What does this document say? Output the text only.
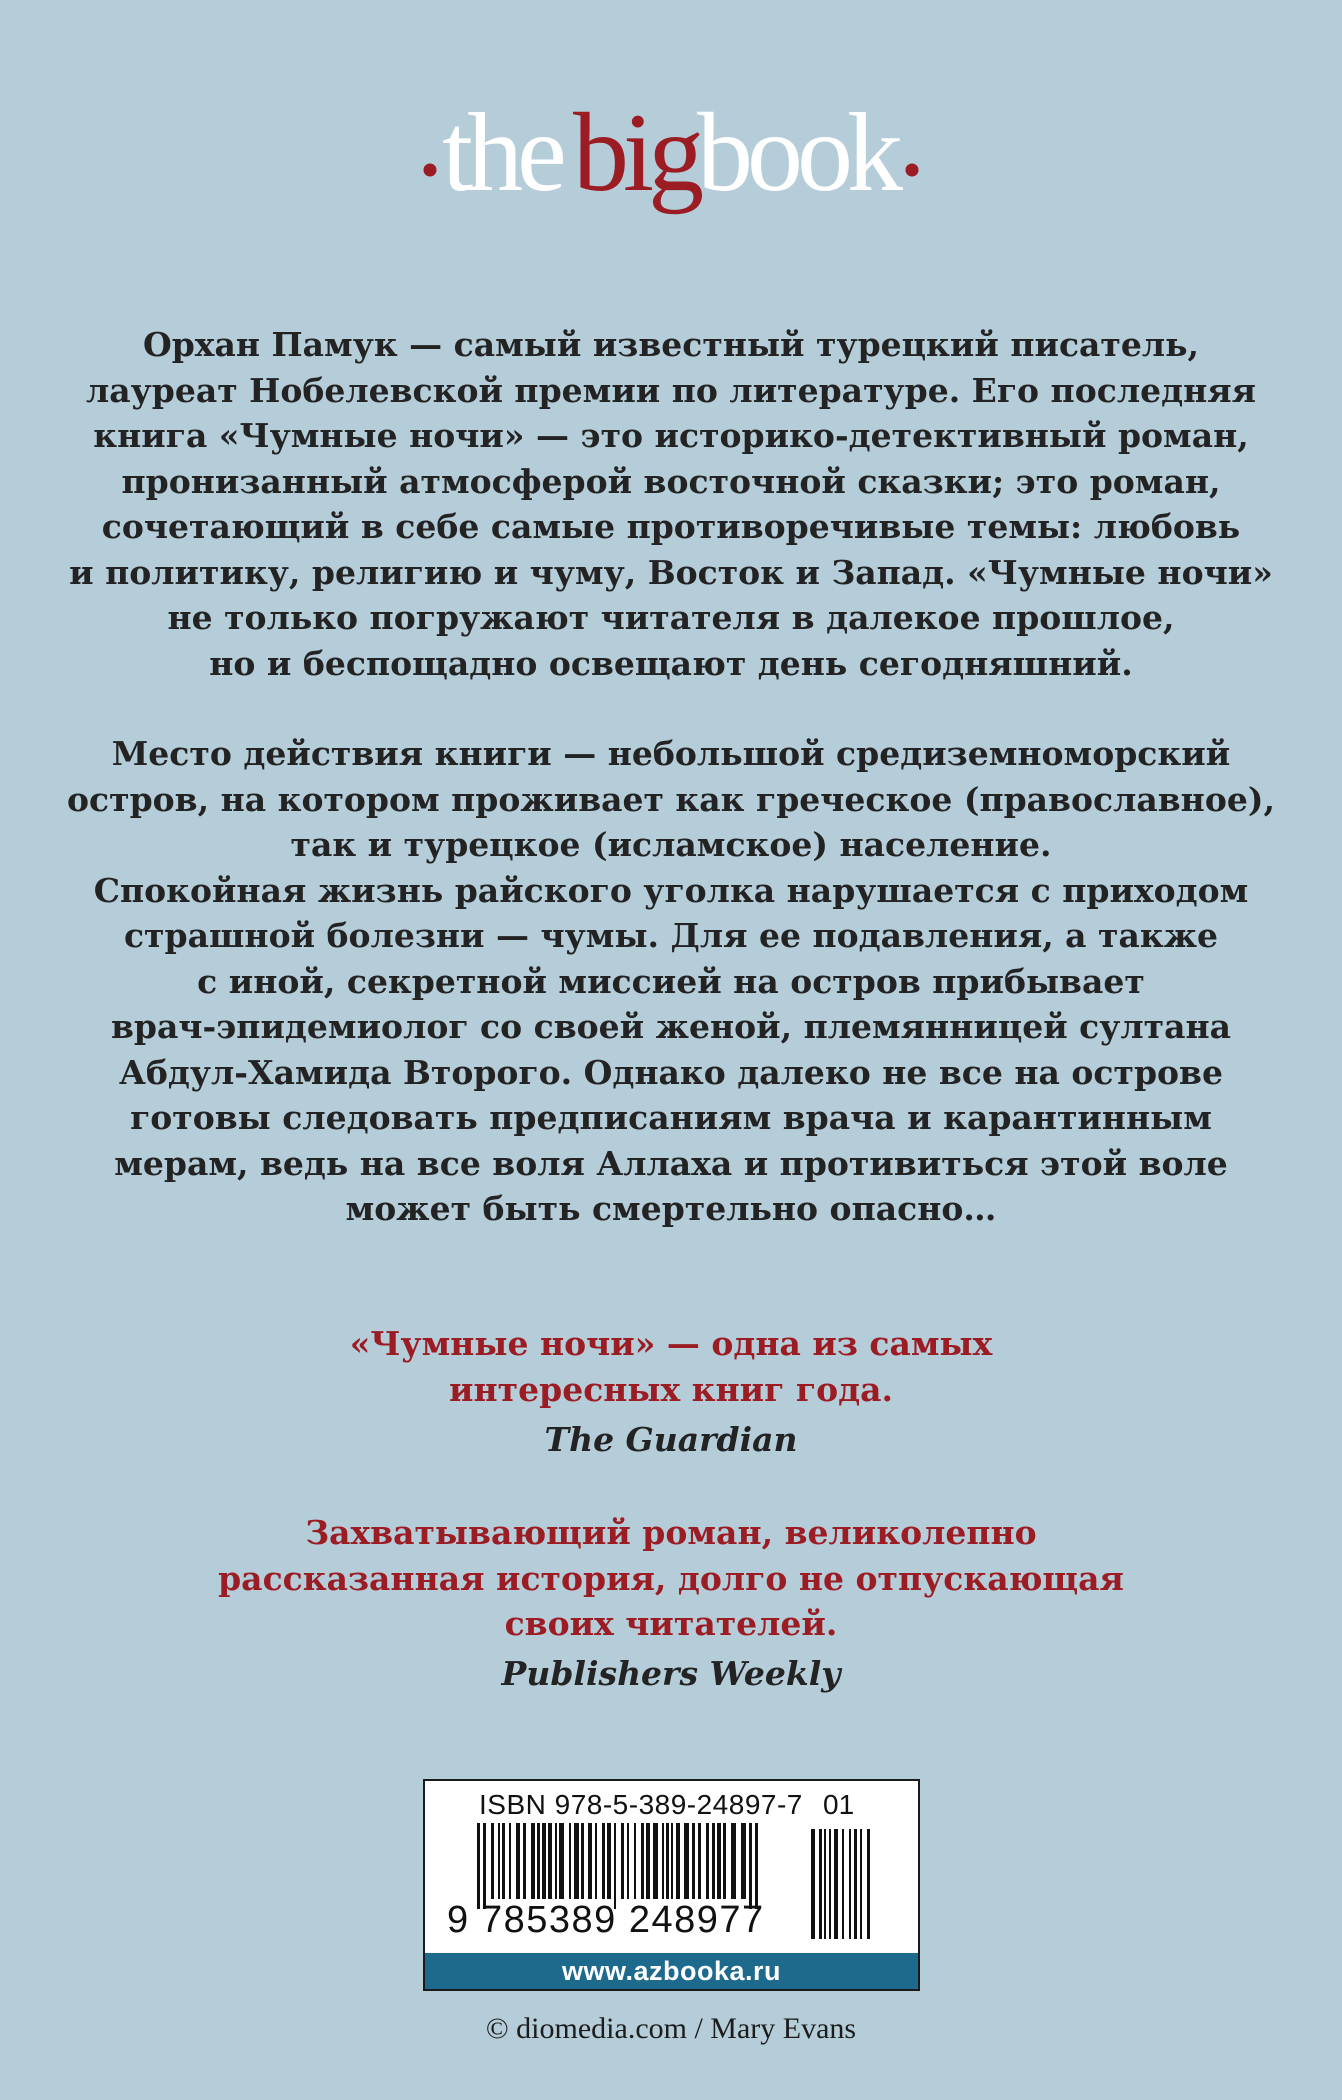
the big
book
Орхан Памук — самый известный турецкий писатель,
лауреат Нобелевской премии по литературе. Его последняя
книга «Чумные ночи» — это историко-детективный роман,
пронизанный атмосферой восточной сказки; это роман,
сочетающий в себе самые противоречивые темы: любовь
и политику, религию и чуму, Восток и Запад. «Чумные ночи»
не только погружают читателя в далекое прошлое,
но и беспощадно освещают день сегодняшний.
Место действия книги — небольшой средиземноморский
остров, на котором проживает как греческое (православное),
так и турецкое (исламское) население.
Спокойная жизнь райского уголка нарушается с приходом
страшной болезни — чумы. Для ее подавления, а также
с иной, секретной миссией на остров прибывает
врач-эпидемиолог со своей женой, племянницей султана
Абдул-Хамида Второго. Однако далеко не все на острове
готовы следовать предписаниям врача и карантинным
мерам, ведь на все воля Аллаха и противиться этой воле
может быть смертельно опасно…
«Чумные ночи» — одна из самых
интересных книг года.
The Guardian
Захватывающий роман, великолепно
рассказанная история, долго не отпускающая
своих читателей.
Publishers Weekly
ISBN 978-5-389-24897-7 01
9 785389 248977
www.azbooka.ru
© diomedia.com / Mary Evans
